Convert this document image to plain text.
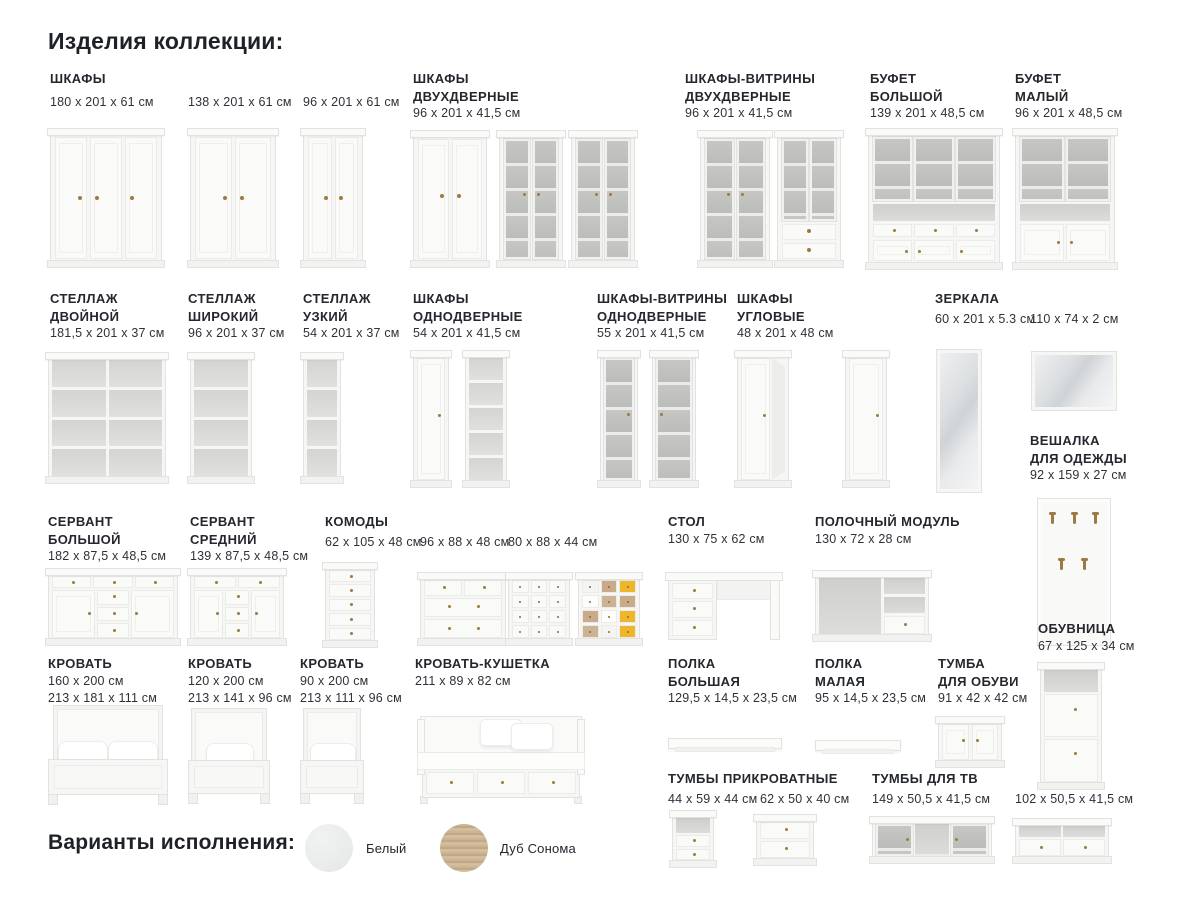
Изделия коллекции:
ШКАФЫ
180 x 201 x 61 см	138 x 201 x 61 см 96 x 201 x 61 см
ШКАФЫ
ДВУХДВЕРНЫЕ
96 x 201 x 41,5 см
ШКАФЫ-ВИТРИНЫ
ДВУХДВЕРНЫЕ
96 x 201 x 41,5 см
БУФЕТ
БОЛЬШОЙ
139 x 201 x 48,5 см
БУФЕТ
МАЛЫЙ
96 x 201 x 48,5 см
СТЕЛЛАЖ
ДВОЙНОЙ
181,5 x 201 x 37 см
СТЕЛЛАЖ
ШИРОКИЙ
96 x 201 x 37 см
СТЕЛЛАЖ
УЗКИЙ
54 x 201 x 37 см
ШКАФЫ
ОДНОДВЕРНЫЕ
54 x 201 x 41,5 см
ШКАФЫ-ВИТРИНЫ
ОДНОДВЕРНЫЕ
55 x 201 x 41,5 см
ШКАФЫ
УГЛОВЫЕ
48 x 201 x 48 см
ЗЕРКАЛА
60 x 201 x 5.3 см
110 x 74 x 2 см
ВЕШАЛКА
ДЛЯ ОДЕЖДЫ
92 x 159 x 27 см
СЕРВАНТ
БОЛЬШОЙ
182 x 87,5 x 48,5 см
СЕРВАНТ
СРЕДНИЙ
139 x 87,5 x 48,5 см
КОМОДЫ
62 x 105 x 48 см
96 x 88 x 48 см
80 x 88 x 44 см
СТОЛ
130 x 75 x 62 см
ПОЛОЧНЫЙ МОДУЛЬ
130 x 72 x 28 см
КРОВАТЬ
160 x 200 см
213 x 181 x 111 см
КРОВАТЬ
120 x 200 см
213 x 141 x 96 см
КРОВАТЬ
90 x 200 см
213 x 111 x 96 см
КРОВАТЬ-КУШЕТКА
211 x 89 x 82 см
ПОЛКА
БОЛЬШАЯ
129,5 x 14,5 x 23,5 см
ПОЛКА
МАЛАЯ
95 x 14,5 x 23,5 см
ТУМБА
ДЛЯ ОБУВИ
91 x 42 x 42 см
ОБУВНИЦА
67 x 125 x 34 см
ТУМБЫ ПРИКРОВАТНЫЕ
44 x 59 x 44 см 62 x 50 x 40 см
ТУМБЫ ДЛЯ ТВ
149 x 50,5 x 41,5 см 102 x 50,5 x 41,5 см
Варианты исполнения:	Белый	Дуб Сонома
